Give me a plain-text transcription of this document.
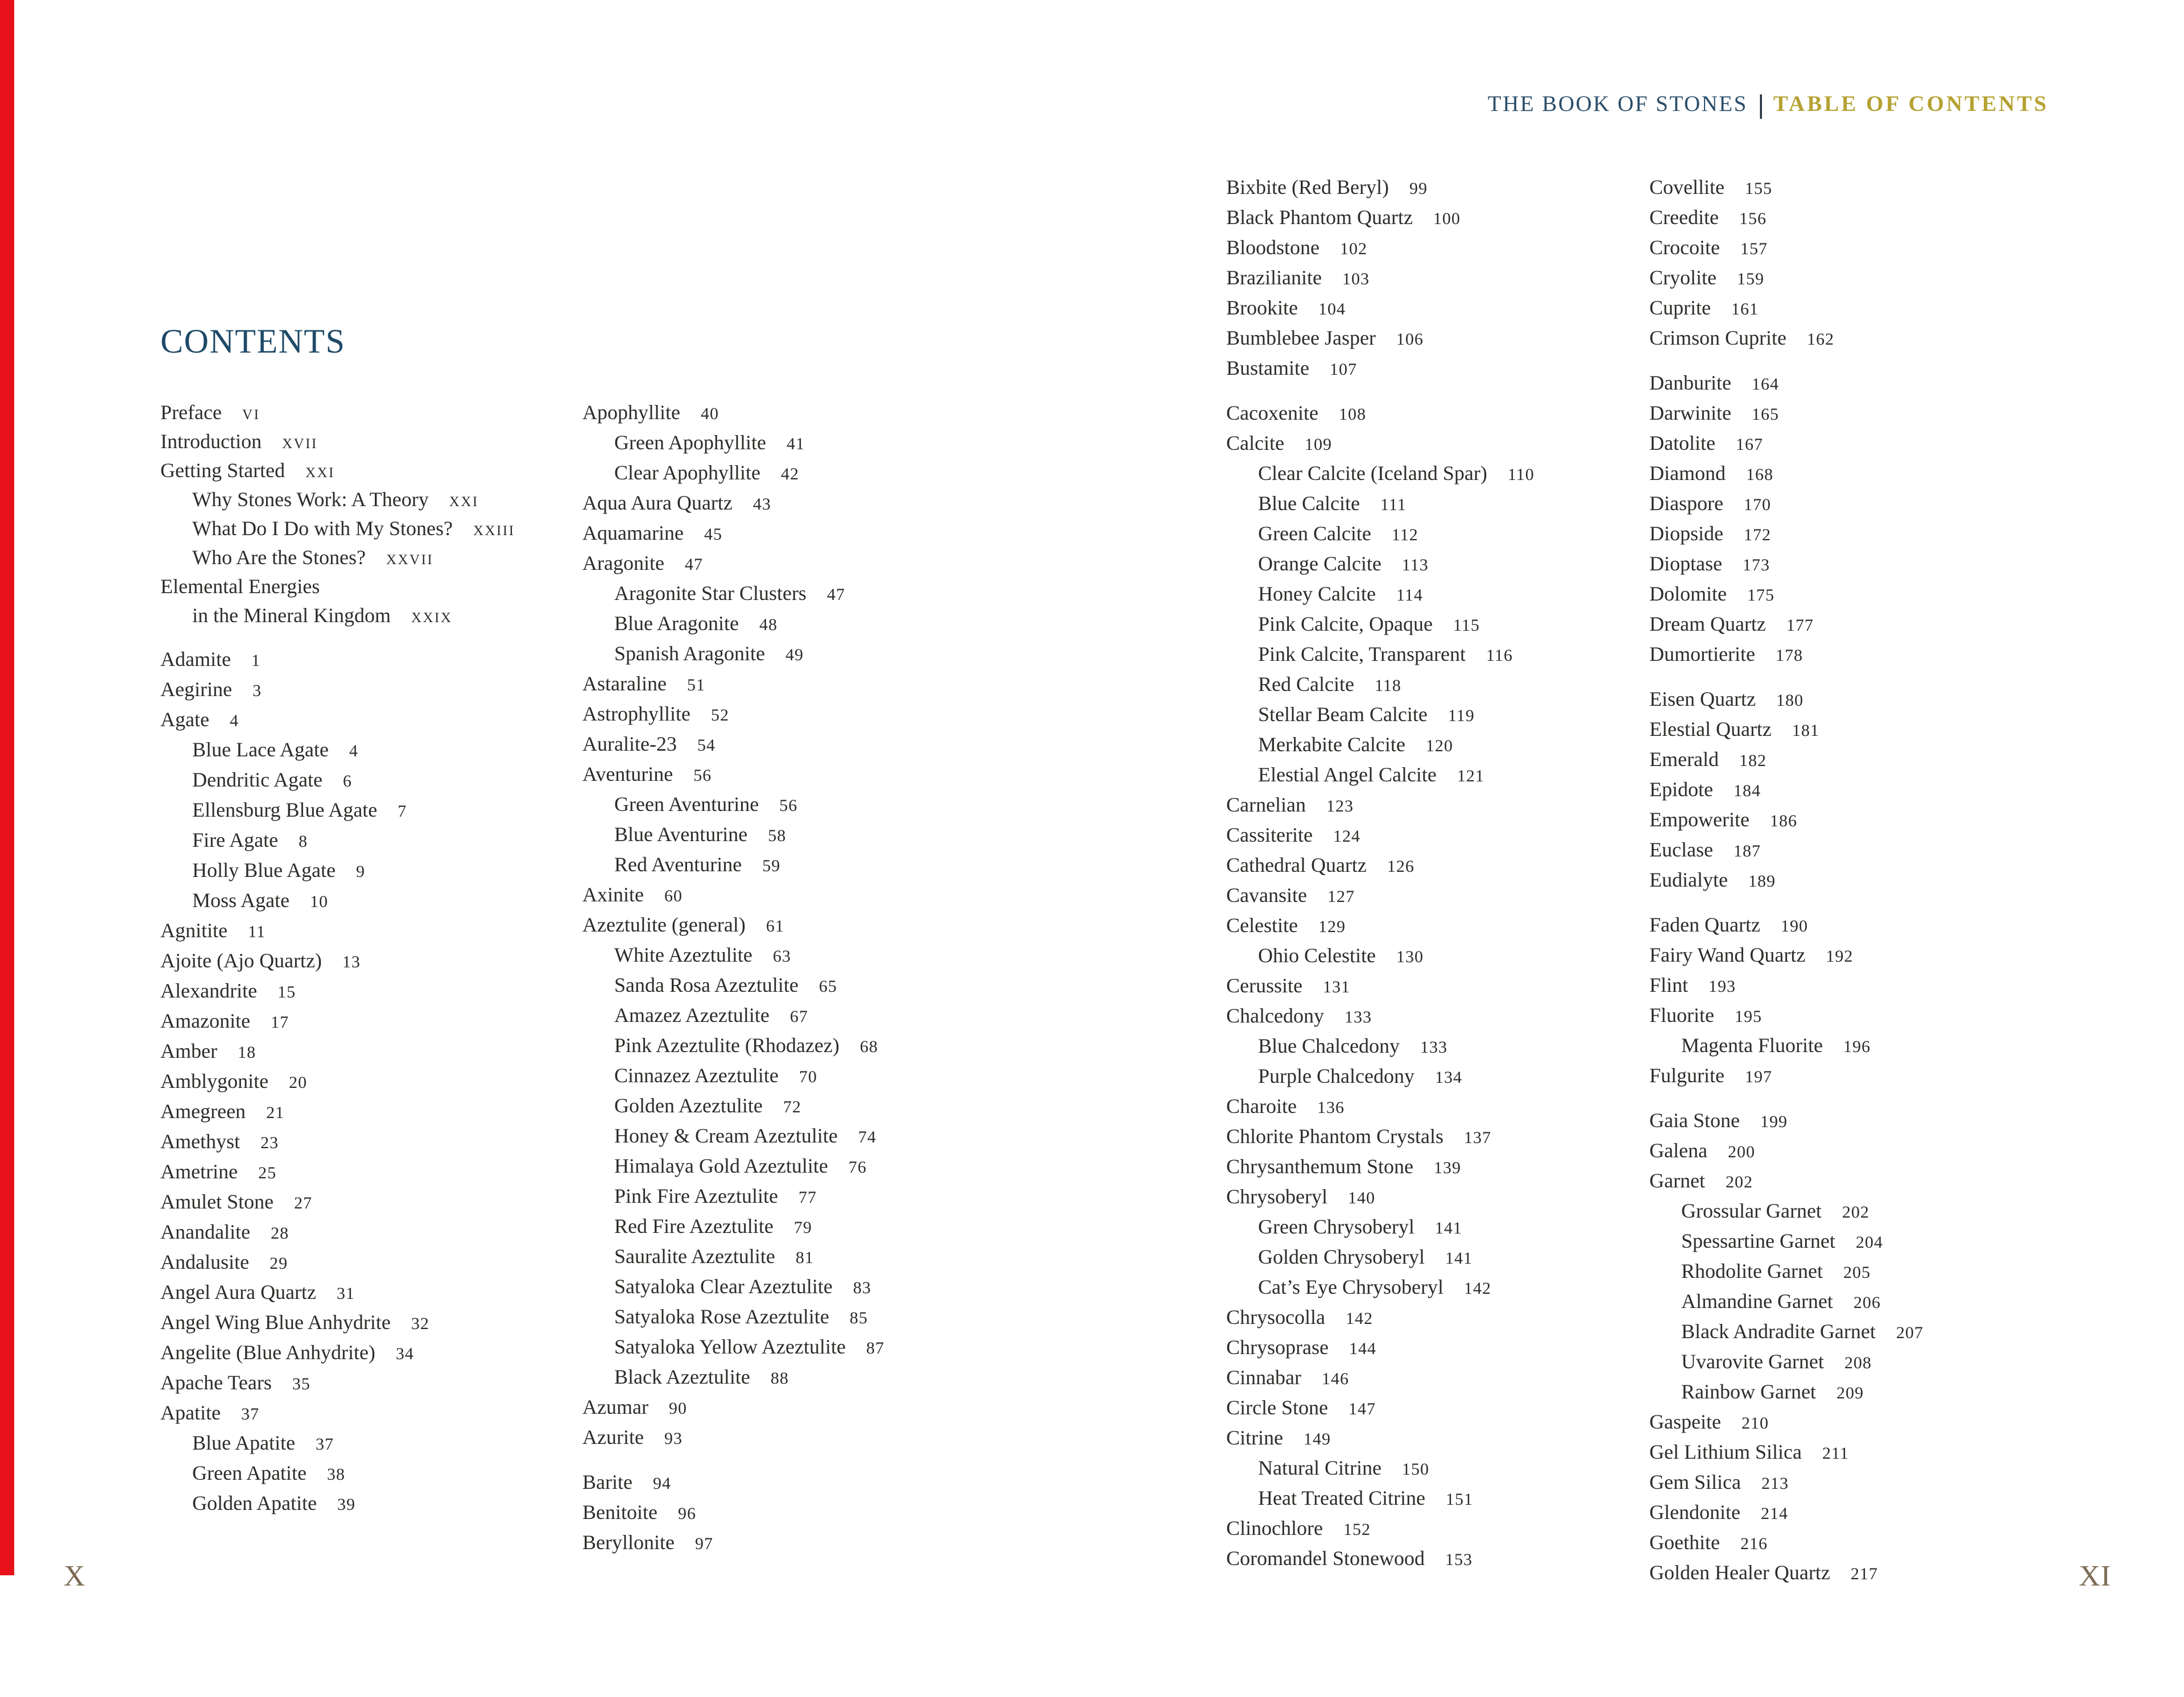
THE BOOK OF STONES | TABLE OF CONTENTS
CONTENTS
Preface vi
Introduction xvii
Getting Started xxi
Why Stones Work: A Theory xxi
What Do I Do with My Stones? xxiii
Who Are the Stones? xxvii
Elemental Energies
in the Mineral Kingdom xxix
Adamite 1
Aegirine 3
Agate 4
Blue Lace Agate 4
Dendritic Agate 6
Ellensburg Blue Agate 7
Fire Agate 8
Holly Blue Agate 9
Moss Agate 10
Agnitite 11
Ajoite (Ajo Quartz) 13
Alexandrite 15
Amazonite 17
Amber 18
Amblygonite 20
Amegreen 21
Amethyst 23
Ametrine 25
Amulet Stone 27
Anandalite 28
Andalusite 29
Angel Aura Quartz 31
Angel Wing Blue Anhydrite 32
Angelite (Blue Anhydrite) 34
Apache Tears 35
Apatite 37
Blue Apatite 37
Green Apatite 38
Golden Apatite 39
Apophyllite 40
Green Apophyllite 41
Clear Apophyllite 42
Aqua Aura Quartz 43
Aquamarine 45
Aragonite 47
Aragonite Star Clusters 47
Blue Aragonite 48
Spanish Aragonite 49
Astaraline 51
Astrophyllite 52
Auralite-23 54
Aventurine 56
Green Aventurine 56
Blue Aventurine 58
Red Aventurine 59
Axinite 60
Azeztulite (general) 61
White Azeztulite 63
Sanda Rosa Azeztulite 65
Amazez Azeztulite 67
Pink Azeztulite (Rhodazez) 68
Cinnazez Azeztulite 70
Golden Azeztulite 72
Honey & Cream Azeztulite 74
Himalaya Gold Azeztulite 76
Pink Fire Azeztulite 77
Red Fire Azeztulite 79
Sauralite Azeztulite 81
Satyaloka Clear Azeztulite 83
Satyaloka Rose Azeztulite 85
Satyaloka Yellow Azeztulite 87
Black Azeztulite 88
Azumar 90
Azurite 93
Barite 94
Benitoite 96
Beryllonite 97
Bixbite (Red Beryl) 99
Black Phantom Quartz 100
Bloodstone 102
Brazilianite 103
Brookite 104
Bumblebee Jasper 106
Bustamite 107
Cacoxenite 108
Calcite 109
Clear Calcite (Iceland Spar) 110
Blue Calcite 111
Green Calcite 112
Orange Calcite 113
Honey Calcite 114
Pink Calcite, Opaque 115
Pink Calcite, Transparent 116
Red Calcite 118
Stellar Beam Calcite 119
Merkabite Calcite 120
Elestial Angel Calcite 121
Carnelian 123
Cassiterite 124
Cathedral Quartz 126
Cavansite 127
Celestite 129
Ohio Celestite 130
Cerussite 131
Chalcedony 133
Blue Chalcedony 133
Purple Chalcedony 134
Charoite 136
Chlorite Phantom Crystals 137
Chrysanthemum Stone 139
Chrysoberyl 140
Green Chrysoberyl 141
Golden Chrysoberyl 141
Cat’s Eye Chrysoberyl 142
Chrysocolla 142
Chrysoprase 144
Cinnabar 146
Circle Stone 147
Citrine 149
Natural Citrine 150
Heat Treated Citrine 151
Clinochlore 152
Coromandel Stonewood 153
Covellite 155
Creedite 156
Crocoite 157
Cryolite 159
Cuprite 161
Crimson Cuprite 162
Danburite 164
Darwinite 165
Datolite 167
Diamond 168
Diaspore 170
Diopside 172
Dioptase 173
Dolomite 175
Dream Quartz 177
Dumortierite 178
Eisen Quartz 180
Elestial Quartz 181
Emerald 182
Epidote 184
Empowerite 186
Euclase 187
Eudialyte 189
Faden Quartz 190
Fairy Wand Quartz 192
Flint 193
Fluorite 195
Magenta Fluorite 196
Fulgurite 197
Gaia Stone 199
Galena 200
Garnet 202
Grossular Garnet 202
Spessartine Garnet 204
Rhodolite Garnet 205
Almandine Garnet 206
Black Andradite Garnet 207
Uvarovite Garnet 208
Rainbow Garnet 209
Gaspeite 210
Gel Lithium Silica 211
Gem Silica 213
Glendonite 214
Goethite 216
Golden Healer Quartz 217
X	XI
